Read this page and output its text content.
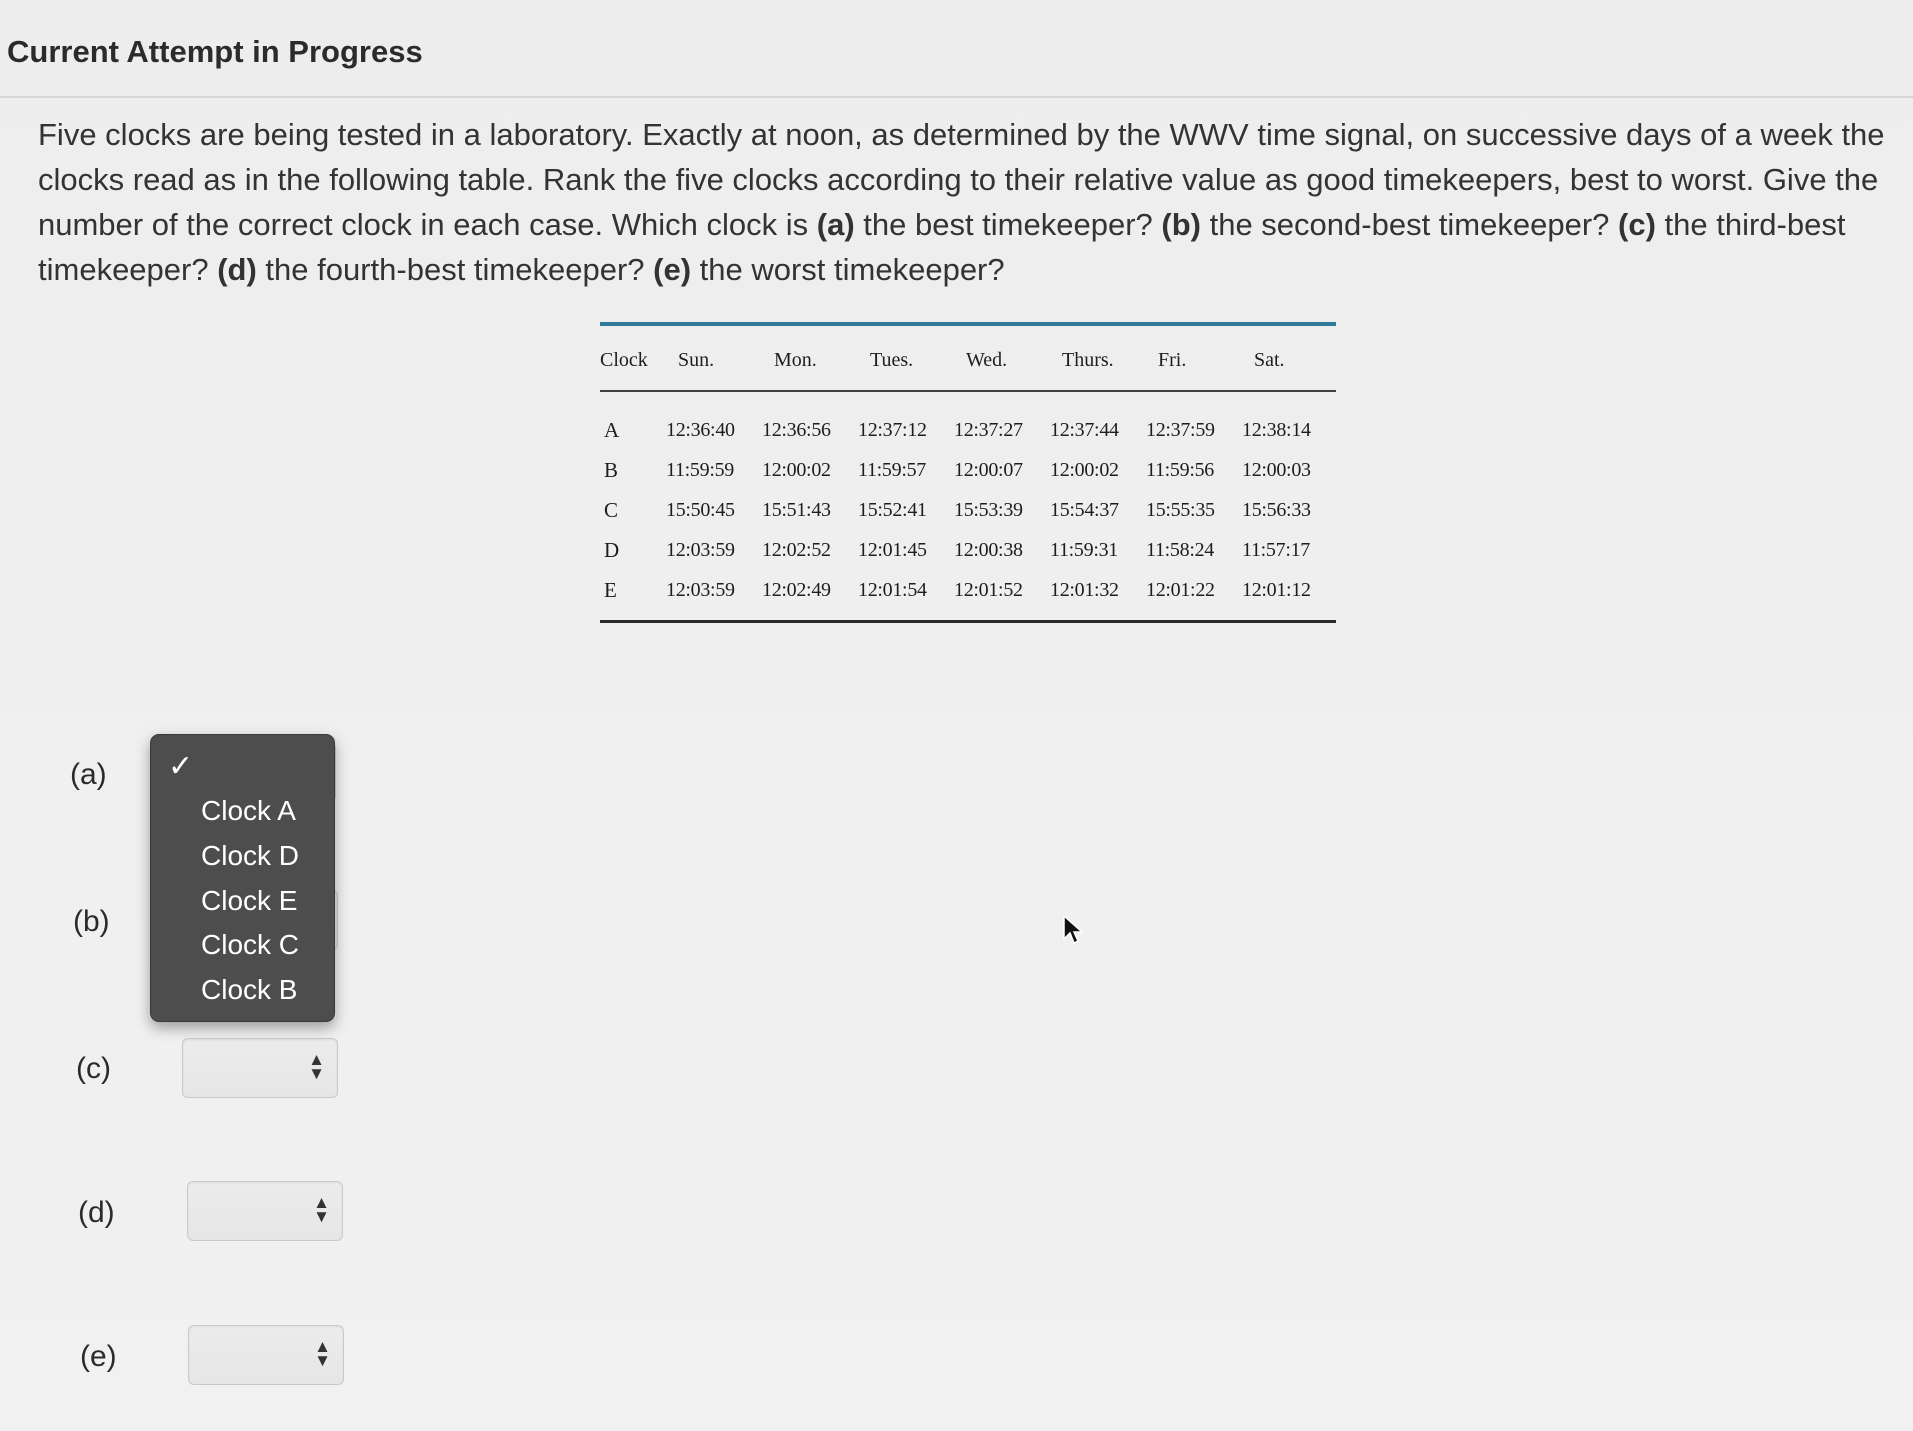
Current Attempt in Progress
Five clocks are being tested in a laboratory. Exactly at noon, as determined by the WWV time signal, on successive days of a week the
clocks read as in the following table. Rank the five clocks according to their relative value as good timekeepers, best to worst. Give the
number of the correct clock in each case. Which clock is (a) the best timekeeper? (b) the second-best timekeeper? (c) the third-best
timekeeper? (d) the fourth-best timekeeper? (e) the worst timekeeper?
Clock	Sun.	Mon.	Tues.	Wed.	Thurs.	Fri.	Sat.
A	12:36:40	12:36:56	12:37:12	12:37:27	12:37:44	12:37:59	12:38:14
B	11:59:59	12:00:02	11:59:57	12:00:07	12:00:02	11:59:56	12:00:03
C	15:50:45	15:51:43	15:52:41	15:53:39	15:54:37	15:55:35	15:56:33
D	12:03:59	12:02:52	12:01:45	12:00:38	11:59:31	11:58:24	11:57:17
E	12:03:59	12:02:49	12:01:54	12:01:52	12:01:32	12:01:22	12:01:12
(a)
(b)
(c)
(d)
(e)

▲
▼
▲
▼
▲
▼
✓
Clock A
Clock D
Clock E
Clock C
Clock B
